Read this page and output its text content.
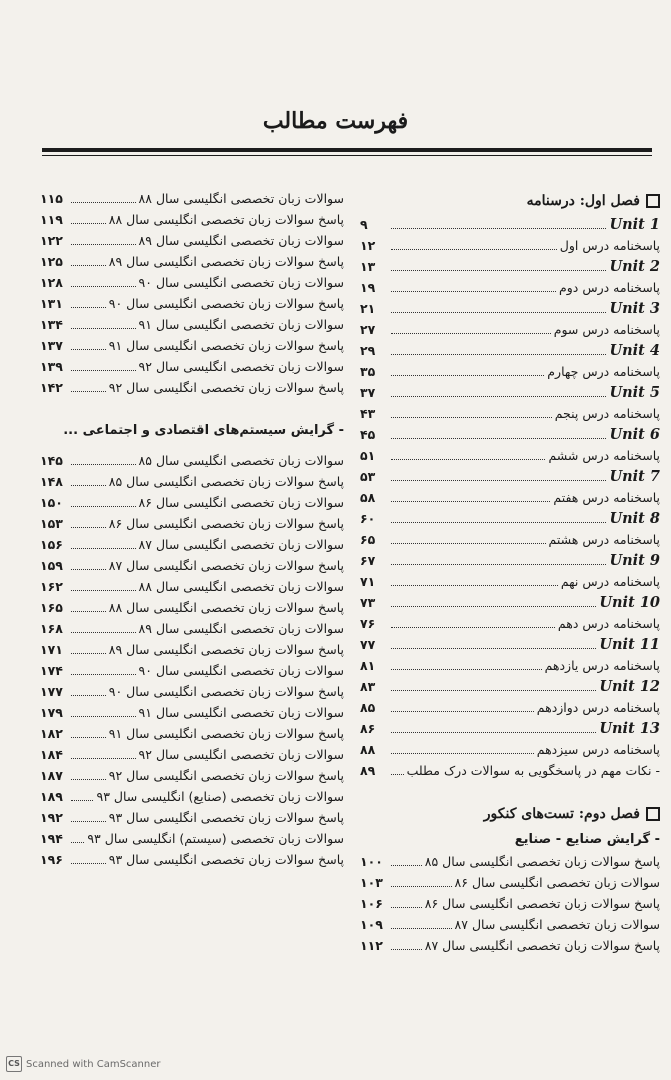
فهرست مطالب
فصل اول: درسنامه
Unit 1
۹
پاسخنامه درس اول
۱۲
Unit 2
۱۳
پاسخنامه درس دوم
۱۹
Unit 3
۲۱
پاسخنامه درس سوم
۲۷
Unit 4
۲۹
پاسخنامه درس چهارم
۳۵
Unit 5
۳۷
پاسخنامه درس پنجم
۴۳
Unit 6
۴۵
پاسخنامه درس ششم
۵۱
Unit 7
۵۳
پاسخنامه درس هفتم
۵۸
Unit 8
۶۰
پاسخنامه درس هشتم
۶۵
Unit 9
۶۷
پاسخنامه درس نهم
۷۱
Unit 10
۷۳
پاسخنامه درس دهم
۷۶
Unit 11
۷۷
پاسخنامه درس یازدهم
۸۱
Unit 12
۸۳
پاسخنامه درس دوازدهم
۸۵
Unit 13
۸۶
پاسخنامه درس سیزدهم
۸۸
- نکات مهم در پاسخگویی به سوالات درک مطلب
۸۹
فصل دوم: تست‌های کنکور
- گرایش صنایع - صنایع
پاسخ سوالات زبان تخصصی انگلیسی سال ۸۵
۱۰۰
سوالات زبان تخصصی انگلیسی سال ۸۶
۱۰۳
پاسخ سوالات زبان تخصصی انگلیسی سال ۸۶
۱۰۶
سوالات زبان تخصصی انگلیسی سال ۸۷
۱۰۹
پاسخ سوالات زبان تخصصی انگلیسی سال ۸۷
۱۱۲
سوالات زبان تخصصی انگلیسی سال ۸۸
۱۱۵
پاسخ سوالات زبان تخصصی انگلیسی سال ۸۸
۱۱۹
سوالات زبان تخصصی انگلیسی سال ۸۹
۱۲۲
پاسخ سوالات زبان تخصصی انگلیسی سال ۸۹
۱۲۵
سوالات زبان تخصصی انگلیسی سال ۹۰
۱۲۸
پاسخ سوالات زبان تخصصی انگلیسی سال ۹۰
۱۳۱
سوالات زبان تخصصی انگلیسی سال ۹۱
۱۳۴
پاسخ سوالات زبان تخصصی انگلیسی سال ۹۱
۱۳۷
سوالات زبان تخصصی انگلیسی سال ۹۲
۱۳۹
پاسخ سوالات زبان تخصصی انگلیسی سال ۹۲
۱۴۲
- گرایش سیستم‌های اقتصادی و اجتماعی ...
سوالات زبان تخصصی انگلیسی سال ۸۵
۱۴۵
پاسخ سوالات زبان تخصصی انگلیسی سال ۸۵
۱۴۸
سوالات زبان تخصصی انگلیسی سال ۸۶
۱۵۰
پاسخ سوالات زبان تخصصی انگلیسی سال ۸۶
۱۵۳
سوالات زبان تخصصی انگلیسی سال ۸۷
۱۵۶
پاسخ سوالات زبان تخصصی انگلیسی سال ۸۷
۱۵۹
سوالات زبان تخصصی انگلیسی سال ۸۸
۱۶۲
پاسخ سوالات زبان تخصصی انگلیسی سال ۸۸
۱۶۵
سوالات زبان تخصصی انگلیسی سال ۸۹
۱۶۸
پاسخ سوالات زبان تخصصی انگلیسی سال ۸۹
۱۷۱
سوالات زبان تخصصی انگلیسی سال ۹۰
۱۷۴
پاسخ سوالات زبان تخصصی انگلیسی سال ۹۰
۱۷۷
سوالات زبان تخصصی انگلیسی سال ۹۱
۱۷۹
پاسخ سوالات زبان تخصصی انگلیسی سال ۹۱
۱۸۲
سوالات زبان تخصصی انگلیسی سال ۹۲
۱۸۴
پاسخ سوالات زبان تخصصی انگلیسی سال ۹۲
۱۸۷
سوالات زبان تخصصی (صنایع) انگلیسی سال ۹۳
۱۸۹
پاسخ سوالات زبان تخصصی انگلیسی سال ۹۳
۱۹۲
سوالات زبان تخصصی (سیستم) انگلیسی سال ۹۳
۱۹۴
پاسخ سوالات زبان تخصصی انگلیسی سال ۹۳
۱۹۶
CS Scanned with CamScanner
